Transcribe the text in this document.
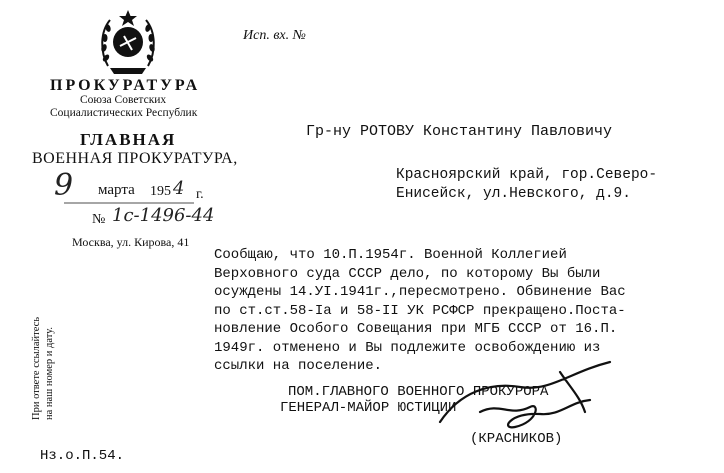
Исп. вх. №
ПРОКУРАТУРА
Союза Советских
Социалистических Республик
ГЛАВНАЯ
ВОЕННАЯ ПРОКУРАТУРА,
9 марта 195 4 г.
№ 1с-1496-44
Москва, ул. Кирова, 41
Гр-ну РОТОВУ Константину Павловичу
Красноярский край, гор.Северо-
Енисейск, ул.Невского, д.9.
Сообщаю, что 10.П.1954г. Военной Коллегией
Верховного суда СССР дело, по которому Вы были
осуждены 14.УI.1941г.,пересмотрено. Обвинение Вас
по ст.ст.58-Iа и 58-II УК РСФСР прекращено.Поста-
новление Особого Совещания при МГБ СССР от 16.П.
1949г. отменено и Вы подлежите освобождению из
ссылки на поселение.
ПОМ.ГЛАВНОГО ВОЕННОГО ПРОКУРОРА
ГЕНЕРАЛ-МАЙОР ЮСТИЦИИ
(КРАСНИКОВ)
При ответе ссылайтесь на наш номер и дату.
Нз.о.П.54.
